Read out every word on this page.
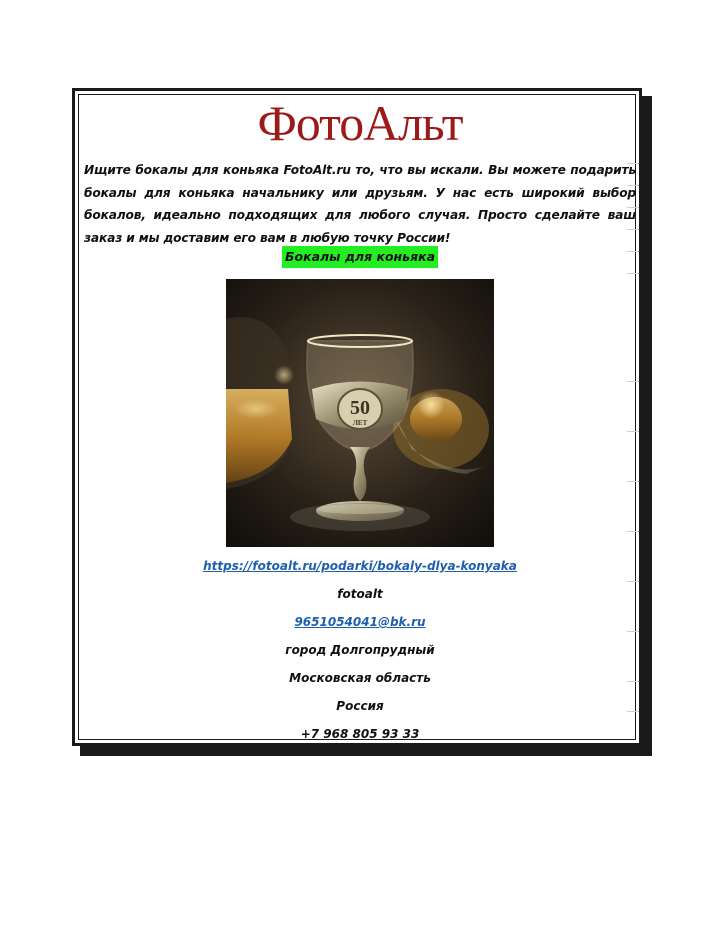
ФотоАльт
Ищите бокалы для коньяка FotoAlt.ru то, что вы искали. Вы можете подарить бокалы для коньяка начальнику или друзьям. У нас есть широкий выбор бокалов, идеально подходящих для любого случая. Просто сделайте ваш заказ и мы доставим его вам в любую точку России!
Бокалы для коньяка
50
ЛЕТ
https://fotoalt.ru/podarki/bokaly-dlya-konyaka
fotoalt
9651054041@bk.ru
город Долгопрудный
Московская область
Россия
+7 968 805 93 33
